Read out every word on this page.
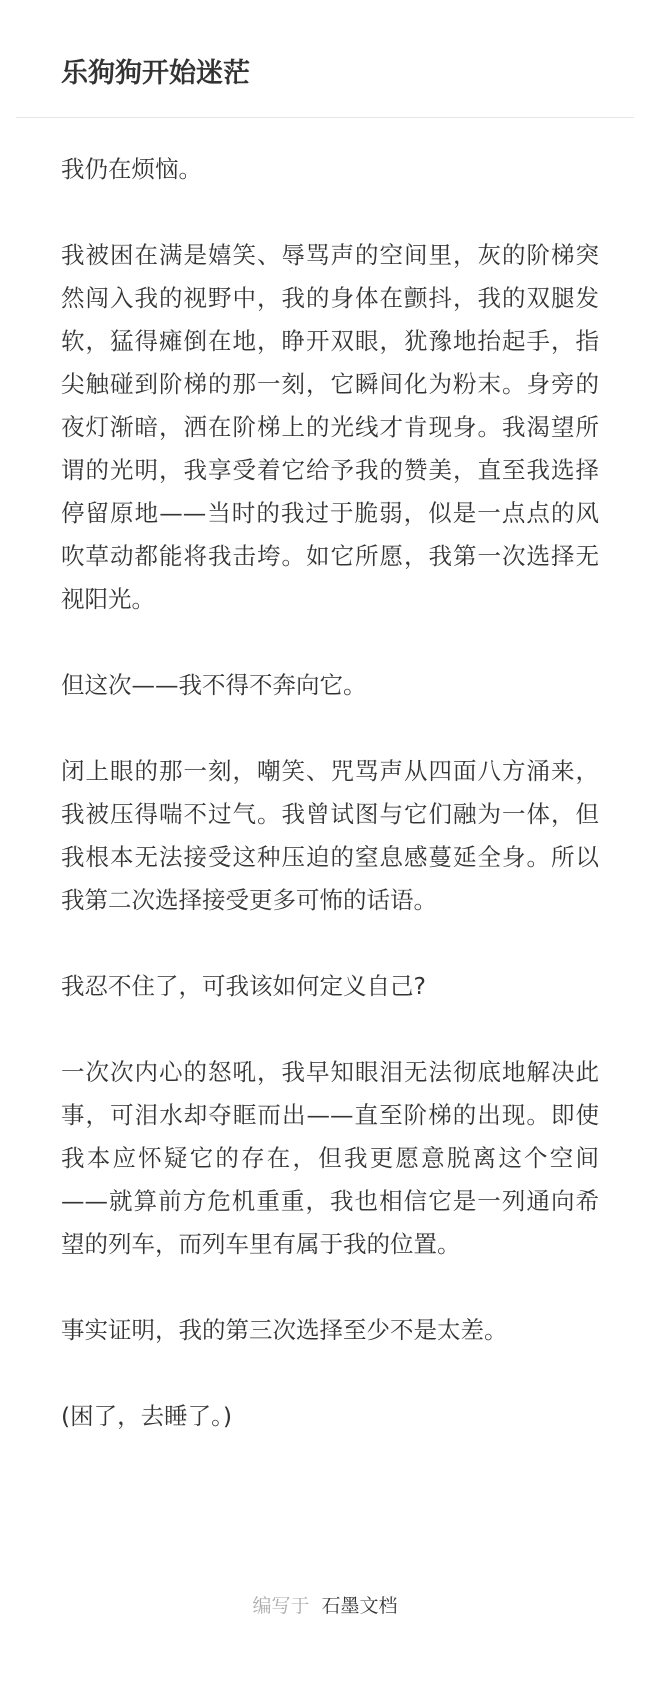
乐狗狗开始迷茫

我仍在烦恼。

我被困在满是嬉笑、辱骂声的空间里，灰的阶梯突然闯入我的视野中，我的身体在颤抖，我的双腿发软，猛得瘫倒在地，睁开双眼，犹豫地抬起手，指尖触碰到阶梯的那一刻，它瞬间化为粉末。身旁的夜灯渐暗，洒在阶梯上的光线才肯现身。我渴望所谓的光明，我享受着它给予我的赞美，直至我选择停留原地——当时的我过于脆弱，似是一点点的风吹草动都能将我击垮。如它所愿，我第一次选择无视阳光。

但这次——我不得不奔向它。

闭上眼的那一刻，嘲笑、咒骂声从四面八方涌来，我被压得喘不过气。我曾试图与它们融为一体，但我根本无法接受这种压迫的窒息感蔓延全身。所以我第二次选择接受更多可怖的话语。

我忍不住了，可我该如何定义自己?

一次次内心的怒吼，我早知眼泪无法彻底地解决此事，可泪水却夺眶而出——直至阶梯的出现。即使我本应怀疑它的存在，但我更愿意脱离这个空间——就算前方危机重重，我也相信它是一列通向希望的列车，而列车里有属于我的位置。

事实证明，我的第三次选择至少不是太差。

(困了，去睡了。)

编写于 石墨文档
